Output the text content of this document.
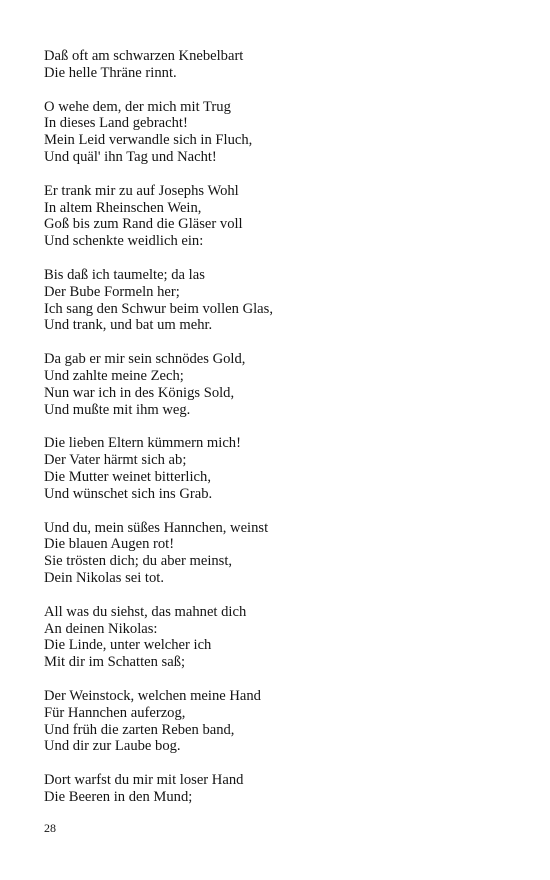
Daß oft am schwarzen Knebelbart
Die helle Thräne rinnt.
O wehe dem, der mich mit Trug
In dieses Land gebracht!
Mein Leid verwandle sich in Fluch,
Und quäl' ihn Tag und Nacht!
Er trank mir zu auf Josephs Wohl
In altem Rheinschen Wein,
Goß bis zum Rand die Gläser voll
Und schenkte weidlich ein:
Bis daß ich taumelte; da las
Der Bube Formeln her;
Ich sang den Schwur beim vollen Glas,
Und trank, und bat um mehr.
Da gab er mir sein schnödes Gold,
Und zahlte meine Zech;
Nun war ich in des Königs Sold,
Und mußte mit ihm weg.
Die lieben Eltern kümmern mich!
Der Vater härmt sich ab;
Die Mutter weinet bitterlich,
Und wünschet sich ins Grab.
Und du, mein süßes Hannchen, weinst
Die blauen Augen rot!
Sie trösten dich; du aber meinst,
Dein Nikolas sei tot.
All was du siehst, das mahnet dich
An deinen Nikolas:
Die Linde, unter welcher ich
Mit dir im Schatten saß;
Der Weinstock, welchen meine Hand
Für Hannchen auferzog,
Und früh die zarten Reben band,
Und dir zur Laube bog.
Dort warfst du mir mit loser Hand
Die Beeren in den Mund;
28
